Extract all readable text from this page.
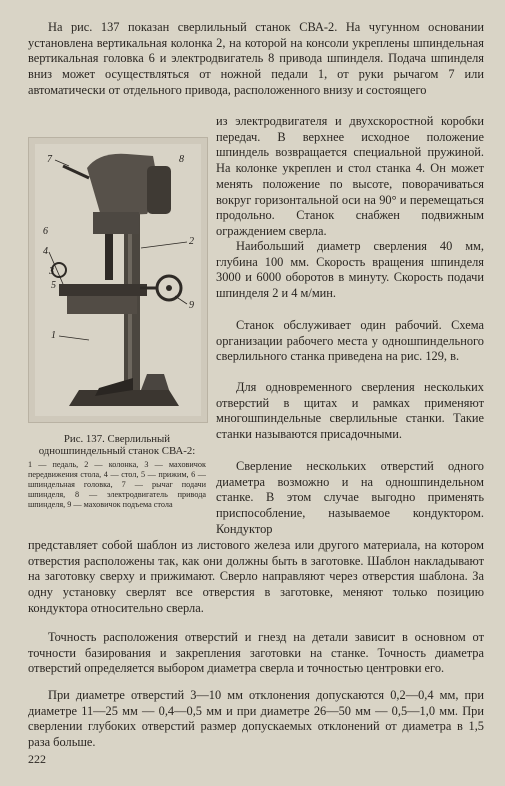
На рис. 137 показан сверлильный станок СВА-2. На чугунном основании установлена вертикальная колонка 2, на которой на консоли укреплены шпиндельная вертикальная головка 6 и электродвигатель 8 привода шпинделя. Подача шпинделя вниз может осуществляться от ножной педали 1, от руки рычагом 7 или автоматически от отдельного привода, расположенного внизу и состоящего

из электродвигателя и двухскоростной коробки передач. В верхнее исходное положение шпиндель возвращается специальной пружиной. На колонке укреплен и стол станка 4. Он может менять положение по высоте, поворачиваться вокруг горизонтальной оси на 90° и перемещаться продольно. Станок снабжен подвижным ограждением сверла.

1
2
3
4
5
6
7	8
9
Рис. 137. Сверлильный одношпиндельный станок СВА-2:
1 — педаль, 2 — колонка, 3 — маховичок передвижения стола, 4 — стол, 5 — прижим, 6 — шпиндельная головка, 7 — рычаг подачи шпинделя, 8 — электродвигатель привода шпинделя, 9 — маховичок подъема стола

Наибольший диаметр сверления 40 мм, глубина 100 мм. Скорость вращения шпинделя 3000 и 6000 оборотов в минуту. Скорость подачи шпинделя 2 и 4 м/мин.

Станок обслуживает один рабочий. Схема организации рабочего места у одношпиндельного сверлильного станка приведена на рис. 129, в.

Для одновременного сверления нескольких отверстий в щитах и рамках применяют многошпиндельные сверлильные станки. Такие станки называются присадочными.

Сверление нескольких отверстий одного диаметра возможно и на одношпиндельном станке. В этом случае выгодно применять приспособление, называемое кондуктором. Кондуктор

представляет собой шаблон из листового железа или другого материала, на котором отверстия расположены так, как они должны быть в заготовке. Шаблон накладывают на заготовку сверху и прижимают. Сверло направляют через отверстия шаблона. За одну установку сверлят все отверстия в заготовке, меняют только позицию кондуктора относительно сверла.

Точность расположения отверстий и гнезд на детали зависит в основном от точности базирования и закрепления заготовки на станке. Точность диаметра отверстий определяется выбором диаметра сверла и точностью центровки его.

При диаметре отверстий 3—10 мм отклонения допускаются 0,2—0,4 мм, при диаметре 11—25 мм — 0,4—0,5 мм и при диаметре 26—50 мм — 0,5—1,0 мм. При сверлении глубоких отверстий размер допускаемых отклонений от диаметра в 1,5 раза больше.

222
